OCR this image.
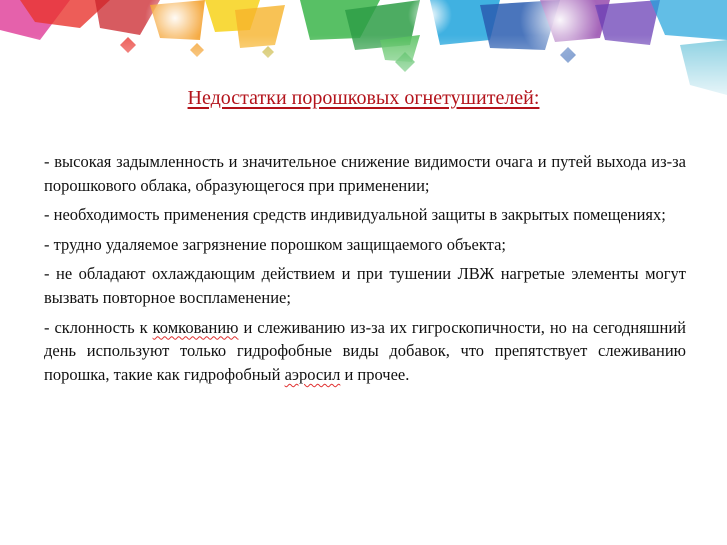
Недостатки порошковых огнетушителей:

- высокая задымленность и значительное снижение видимости очага и путей выхода из-за порошкового облака, образующегося при применении;

- необходимость применения средств индивидуальной защиты в закрытых помещениях;

- трудно удаляемое загрязнение порошком защищаемого объекта;

- не обладают охлаждающим действием и при тушении ЛВЖ нагретые элементы могут вызвать повторное воспламенение;

- склонность к комкованию и слеживанию из-за их гигроскопичности, но на сегодняшний день используют только гидрофобные виды добавок, что препятствует слеживанию порошка, такие как гидрофобный аэросил и прочее.
